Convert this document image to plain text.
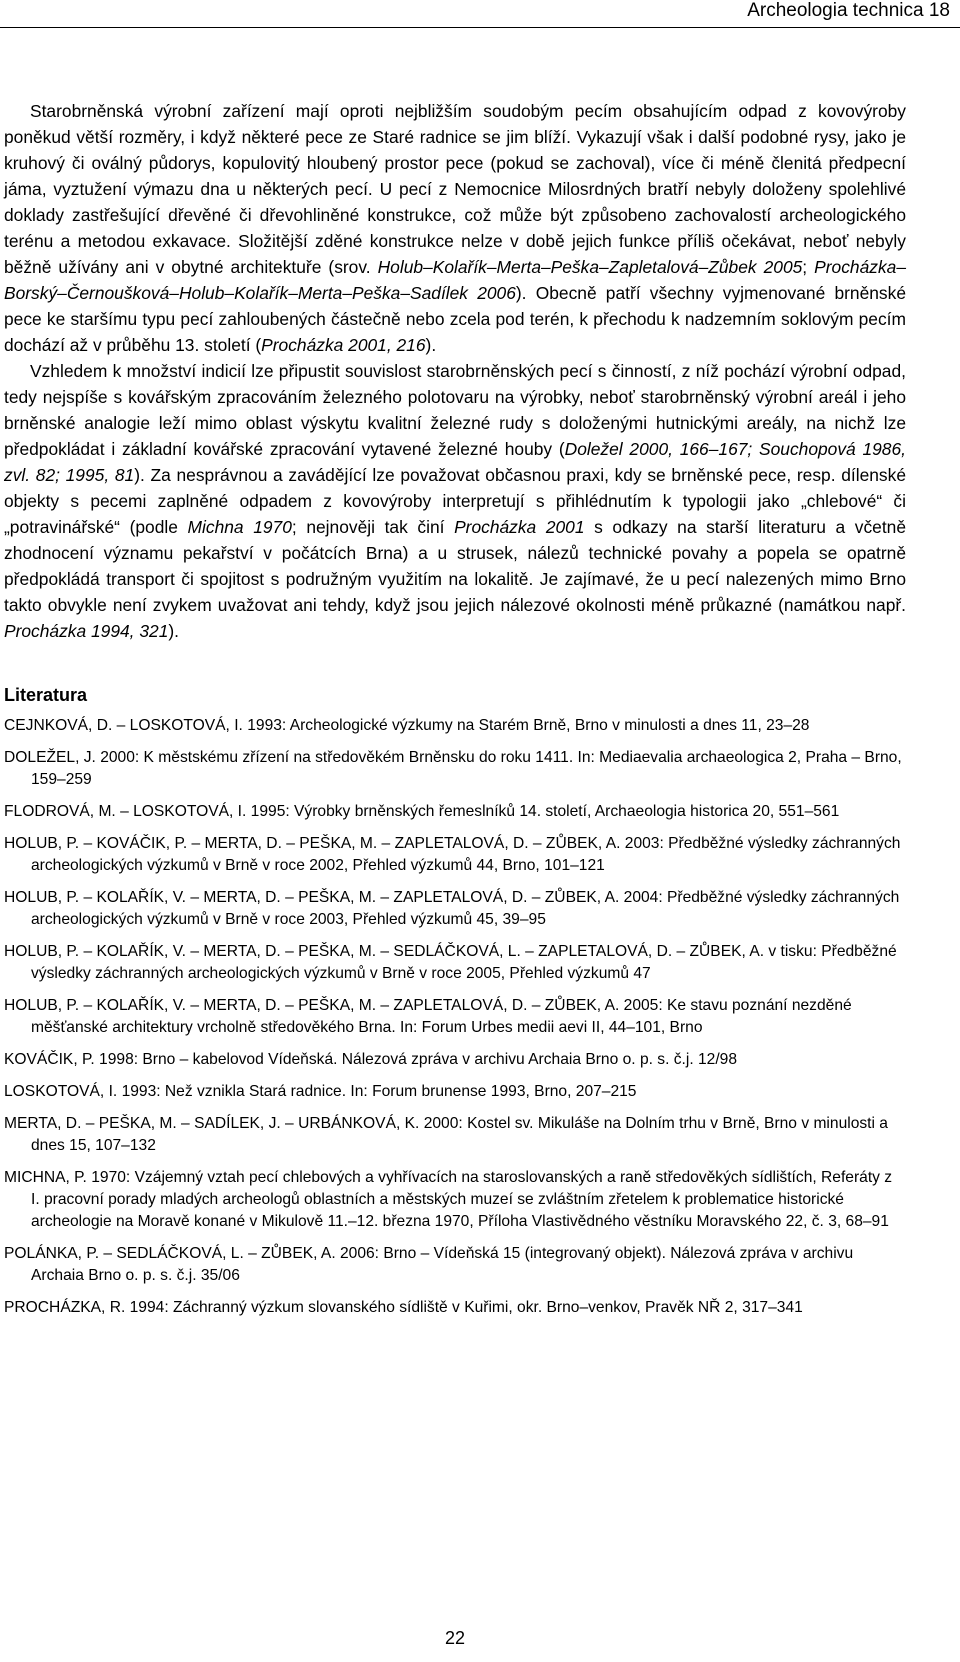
Archeologia technica 18

Starobrněnská výrobní zařízení mají oproti nejbližším soudobým pecím obsahujícím odpad z kovovýroby poněkud větší rozměry, i když některé pece ze Staré radnice se jim blíží. Vykazují však i další podobné rysy, jako je kruhový či oválný půdorys, kopulovitý hloubený prostor pece (pokud se zachoval), více či méně členitá předpecní jáma, vyztužení výmazu dna u některých pecí. U pecí z Nemocnice Milosrdných bratří nebyly doloženy spolehlivé doklady zastřešující dřevěné či dřevohliněné konstrukce, což může být způsobeno zachovalostí archeologického terénu a metodou exkavace. Složitější zděné konstrukce nelze v době jejich funkce příliš očekávat, neboť nebyly běžně užívány ani v obytné architektuře (srov. Holub–Kolařík–Merta–Peška–Zapletalová–Zůbek 2005; Procházka–Borský–Černoušková–Holub–Kolařík–Merta–Peška–Sadílek 2006). Obecně patří všechny vyjmenované brněnské pece ke staršímu typu pecí zahloubených částečně nebo zcela pod terén, k přechodu k nadzemním soklovým pecím dochází až v průběhu 13. století (Procházka 2001, 216).

Vzhledem k množství indicií lze připustit souvislost starobrněnských pecí s činností, z níž pochází výrobní odpad, tedy nejspíše s kovářským zpracováním železného polotovaru na výrobky, neboť starobrněnský výrobní areál i jeho brněnské analogie leží mimo oblast výskytu kvalitní železné rudy s doloženými hutnickými areály, na nichž lze předpokládat i základní kovářské zpracování vytavené železné houby (Doležel 2000, 166–167; Souchopová 1986, zvl. 82; 1995, 81). Za nesprávnou a zavádějící lze považovat občasnou praxi, kdy se brněnské pece, resp. dílenské objekty s pecemi zaplněné odpadem z kovovýroby interpretují s přihlédnutím k typologii jako „chlebové“ či „potravinářské“ (podle Michna 1970; nejnověji tak činí Procházka 2001 s odkazy na starší literaturu a včetně zhodnocení významu pekařství v počátcích Brna) a u strusek, nálezů technické povahy a popela se opatrně předpokládá transport či spojitost s podružným využitím na lokalitě. Je zajímavé, že u pecí nalezených mimo Brno takto obvykle není zvykem uvažovat ani tehdy, když jsou jejich nálezové okolnosti méně průkazné (namátkou např. Procházka 1994, 321).

Literatura

CEJNKOVÁ, D. – LOSKOTOVÁ, I. 1993: Archeologické výzkumy na Starém Brně, Brno v minulosti a dnes 11, 23–28

DOLEŽEL, J. 2000: K městskému zřízení na středověkém Brněnsku do roku 1411. In: Mediaevalia archaeologica 2, Praha – Brno, 159–259

FLODROVÁ, M. – LOSKOTOVÁ, I. 1995: Výrobky brněnských řemeslníků 14. století, Archaeologia historica 20, 551–561

HOLUB, P. – KOVÁČIK, P. – MERTA, D. – PEŠKA, M. – ZAPLETALOVÁ, D. – ZŮBEK, A. 2003: Předběžné výsledky záchranných archeologických výzkumů v Brně v roce 2002, Přehled výzkumů 44, Brno, 101–121

HOLUB, P. – KOLAŘÍK, V. – MERTA, D. – PEŠKA, M. – ZAPLETALOVÁ, D. – ZŮBEK, A. 2004: Předběžné výsledky záchranných archeologických výzkumů v Brně v roce 2003, Přehled výzkumů 45, 39–95

HOLUB, P. – KOLAŘÍK, V. – MERTA, D. – PEŠKA, M. – SEDLÁČKOVÁ, L. – ZAPLETALOVÁ, D. – ZŮBEK, A. v tisku: Předběžné výsledky záchranných archeologických výzkumů v Brně v roce 2005, Přehled výzkumů 47

HOLUB, P. – KOLAŘÍK, V. – MERTA, D. – PEŠKA, M. – ZAPLETALOVÁ, D. – ZŮBEK, A. 2005: Ke stavu poznání nezděné měšťanské architektury vrcholně středověkého Brna. In: Forum Urbes medii aevi II, 44–101, Brno

KOVÁČIK, P. 1998: Brno – kabelovod Vídeňská. Nálezová zpráva v archivu Archaia Brno o. p. s. č.j. 12/98

LOSKOTOVÁ, I. 1993: Než vznikla Stará radnice. In: Forum brunense 1993, Brno, 207–215

MERTA, D. – PEŠKA, M. – SADÍLEK, J. – URBÁNKOVÁ, K. 2000: Kostel sv. Mikuláše na Dolním trhu v Brně, Brno v minulosti a dnes 15, 107–132

MICHNA, P. 1970: Vzájemný vztah pecí chlebových a vyhřívacích na staroslovanských a raně středověkých sídlištích, Referáty z I. pracovní porady mladých archeologů oblastních a městských muzeí se zvláštním zřetelem k problematice historické archeologie na Moravě konané v Mikulově 11.–12. března 1970, Příloha Vlastivědného věstníku Moravského 22, č. 3, 68–91

POLÁNKA, P. – SEDLÁČKOVÁ, L. – ZŮBEK, A. 2006: Brno – Vídeňská 15 (integrovaný objekt). Nálezová zpráva v archivu Archaia Brno o. p. s. č.j. 35/06

PROCHÁZKA, R. 1994: Záchranný výzkum slovanského sídliště v Kuřimi, okr. Brno–venkov, Pravěk NŘ 2, 317–341

22
